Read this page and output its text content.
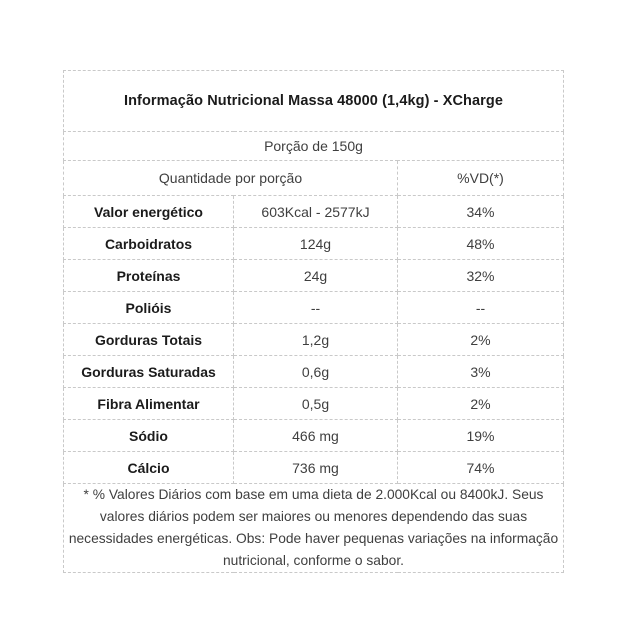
Informação Nutricional Massa 48000 (1,4kg) - XCharge		
Porção de 150g		
Quantidade por porção		%VD(*)
Valor energético	603Kcal - 2577kJ	34%
Carboidratos	124g	48%
Proteínas	24g	32%
Polióis	--	--
Gorduras Totais	1,2g	2%
Gorduras Saturadas	0,6g	3%
Fibra Alimentar	0,5g	2%
Sódio	466 mg	19%
Cálcio	736 mg	74%
* % Valores Diários com base em uma dieta de 2.000Kcal ou 8400kJ. Seus valores diários podem ser maiores ou menores dependendo das suas necessidades energéticas. Obs: Pode haver pequenas variações na informação nutricional, conforme o sabor.		
